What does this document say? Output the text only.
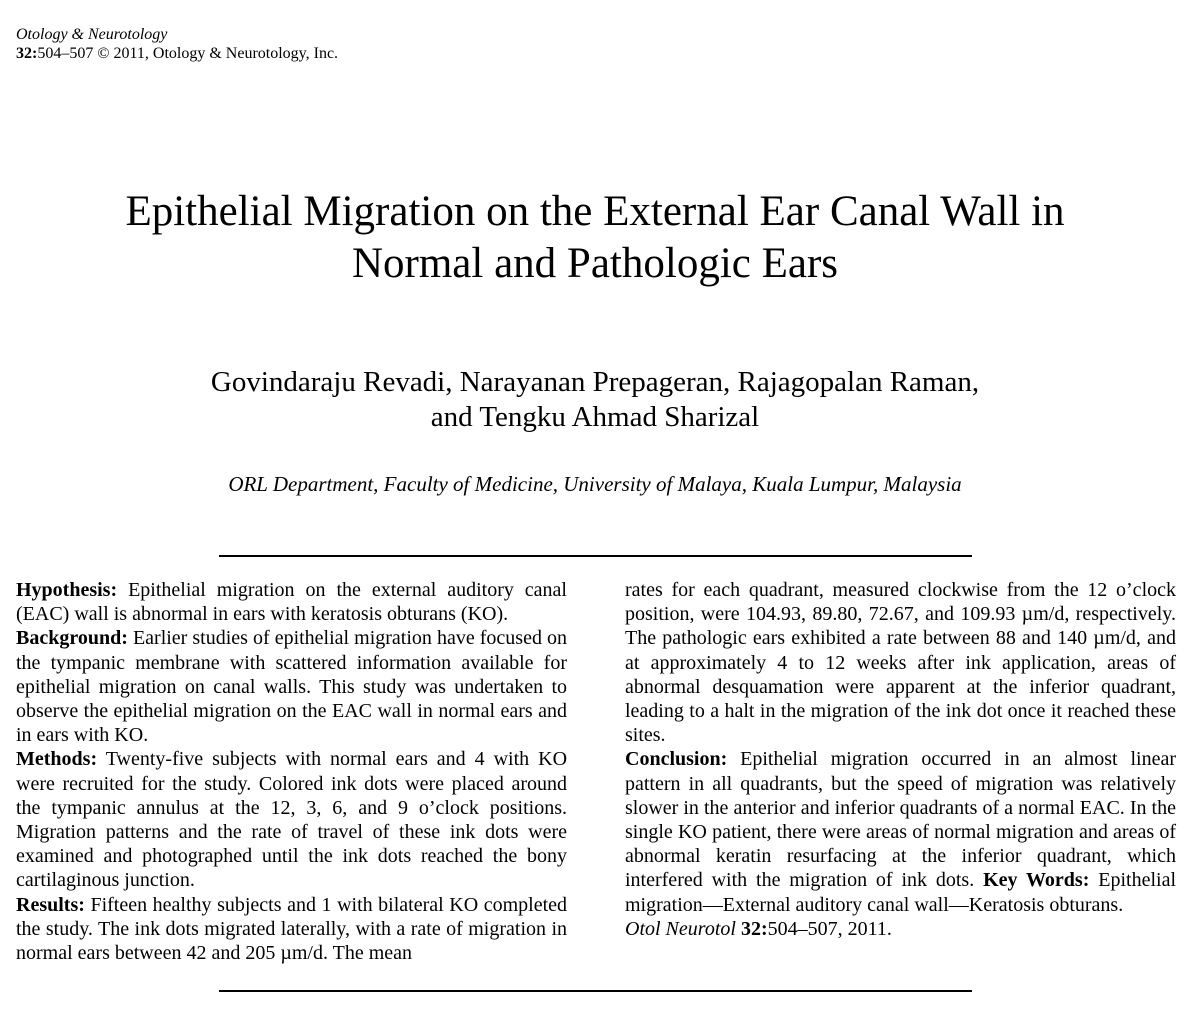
Otology & Neurotology
32:504–507 © 2011, Otology & Neurotology, Inc.
Epithelial Migration on the External Ear Canal Wall in
Normal and Pathologic Ears
Govindaraju Revadi, Narayanan Prepageran, Rajagopalan Raman,
and Tengku Ahmad Sharizal
ORL Department, Faculty of Medicine, University of Malaya, Kuala Lumpur, Malaysia

Hypothesis: Epithelial migration on the external auditory canal (EAC) wall is abnormal in ears with keratosis obturans (KO).

Background: Earlier studies of epithelial migration have focused on the tympanic membrane with scattered information available for epithelial migration on canal walls. This study was undertaken to observe the epithelial migration on the EAC wall in normal ears and in ears with KO.

Methods: Twenty-five subjects with normal ears and 4 with KO were recruited for the study. Colored ink dots were placed around the tympanic annulus at the 12, 3, 6, and 9 o’clock positions. Migration patterns and the rate of travel of these ink dots were examined and photographed until the ink dots reached the bony cartilaginous junction.

Results: Fifteen healthy subjects and 1 with bilateral KO completed the study. The ink dots migrated laterally, with a rate of migration in normal ears between 42 and 205 µm/d. The mean

rates for each quadrant, measured clockwise from the 12 o’clock position, were 104.93, 89.80, 72.67, and 109.93 µm/d, respectively. The pathologic ears exhibited a rate between 88 and 140 µm/d, and at approximately 4 to 12 weeks after ink application, areas of abnormal desquamation were apparent at the inferior quadrant, leading to a halt in the migration of the ink dot once it reached these sites.

Conclusion: Epithelial migration occurred in an almost linear pattern in all quadrants, but the speed of migration was relatively slower in the anterior and inferior quadrants of a normal EAC. In the single KO patient, there were areas of normal migration and areas of abnormal keratin resurfacing at the inferior quadrant, which interfered with the migration of ink dots. Key Words: Epithelial migration—External auditory canal wall—Keratosis obturans.

Otol Neurotol 32:504–507, 2011.
